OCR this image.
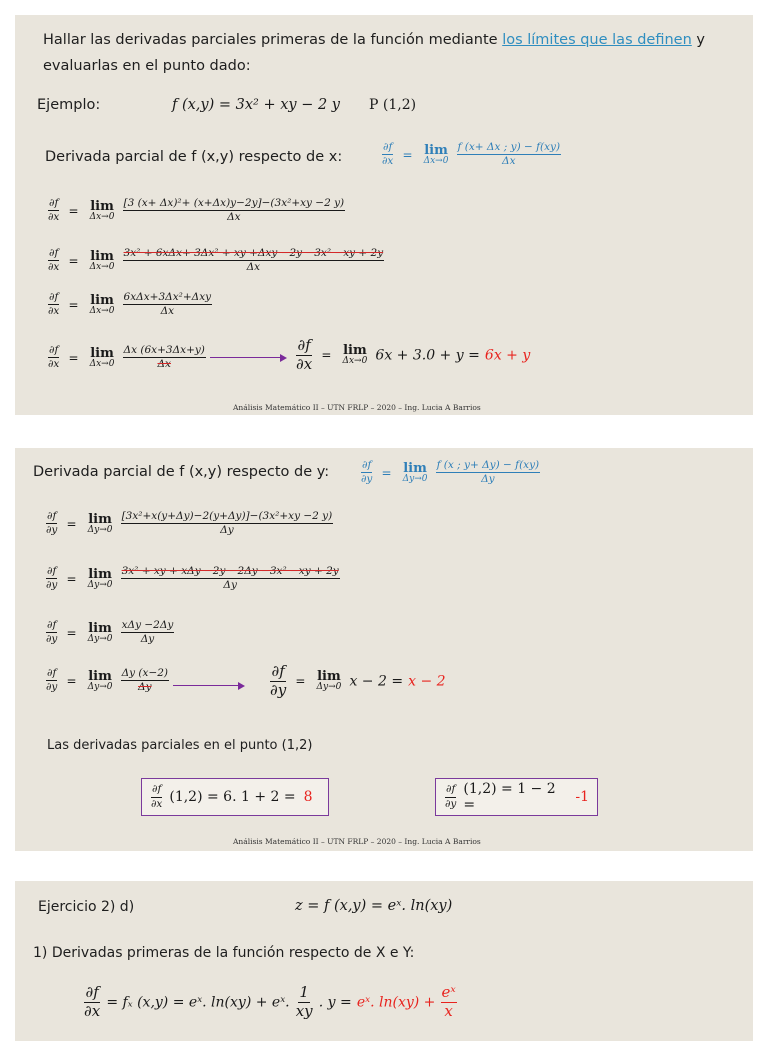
Hallar las derivadas parciales primeras de la función mediante los límites que las definen y
evaluarlas en el punto dado:
Ejemplo:	f (x,y) = 3x² + xy − 2 y P (1,2)
Derivada parcial de f (x,y) respecto de x:	$\frac{\partial f}{\partial x} = \lim$
Δx→0
$\frac{f (x+ \Delta x ; y) - f(xy)}{\Delta x}$
$\frac{\partial f}{\partial x} = \lim$
Δx→0
$\frac{\text{[3 (x+ Δx)²+ (x+Δx)y−2y]−(3x²+xy −2 y)}}{\Delta x}$
$\frac{\partial f}{\partial x} = \lim$
Δx→0
$\frac{\text{3x² + 6xΔx+ 3Δx² + xy +Δxy −2y −3x² −xy + 2y}}{\Delta x}$
$\frac{\partial f}{\partial x} = \lim$
Δx→0
$\frac{\text{6xΔx+3Δx²+Δxy}}{\Delta x}$
$\frac{\partial f}{\partial x} = \lim$
Δx→0
$\frac{\Delta x (6x+3\Delta x+y)}{\Delta x}$	$\frac{\partial f}{\partial x} = \lim$
Δx→0 6x + 3.0 + y = 6x + y
Análisis Matemático II – UTN FRLP – 2020 – Ing. Lucia A Barrios
Derivada parcial de f (x,y) respecto de y:	$\frac{\partial f}{\partial y} = \lim$
Δy→0
$\frac{f (x ; y+ \Delta y) - f(xy)}{\Delta y}$
$\frac{\partial f}{\partial y} = \lim$
Δy→0
$\frac{\text{[3x²+x(y+Δy)−2(y+Δy)]−(3x²+xy −2 y)}}{\Delta y}$
$\frac{\partial f}{\partial y} = \lim$
Δy→0
$\frac{\text{3x² + xy + xΔy −2y −2Δy −3x² −xy + 2y}}{\Delta y}$
$\frac{\partial f}{\partial y} = \lim$
Δy→0
$\frac{\text{xΔy −2Δy}}{\Delta y}$
$\frac{\partial f}{\partial y} = \lim$
Δy→0
$\frac{\Delta y (x-2)}{\Delta y}$	$\frac{\partial f}{\partial y} = \lim$
Δy→0 x − 2 = x − 2
Las derivadas parciales en el punto (1,2)
$\frac{\partial f}{\partial x} (1,2) = 6$. 1 + 2 = 8	$\frac{\partial f}{\partial y} (1,2) = 1 - 2$ =	-1
Análisis Matemático II – UTN FRLP – 2020 – Ing. Lucia A Barrios
Ejercicio 2) d)	z = f (x,y) = eˣ. ln(xy)
1) Derivadas primeras de la función respecto de X e Y:
$\frac{\partial f}{\partial x} = f_x$ (x,y) = eˣ. ln(xy) + eˣ. $\frac{1}{xy}$ . y = eˣ. $\ln(xy) + \frac{\text{eˣ}}{x}$
